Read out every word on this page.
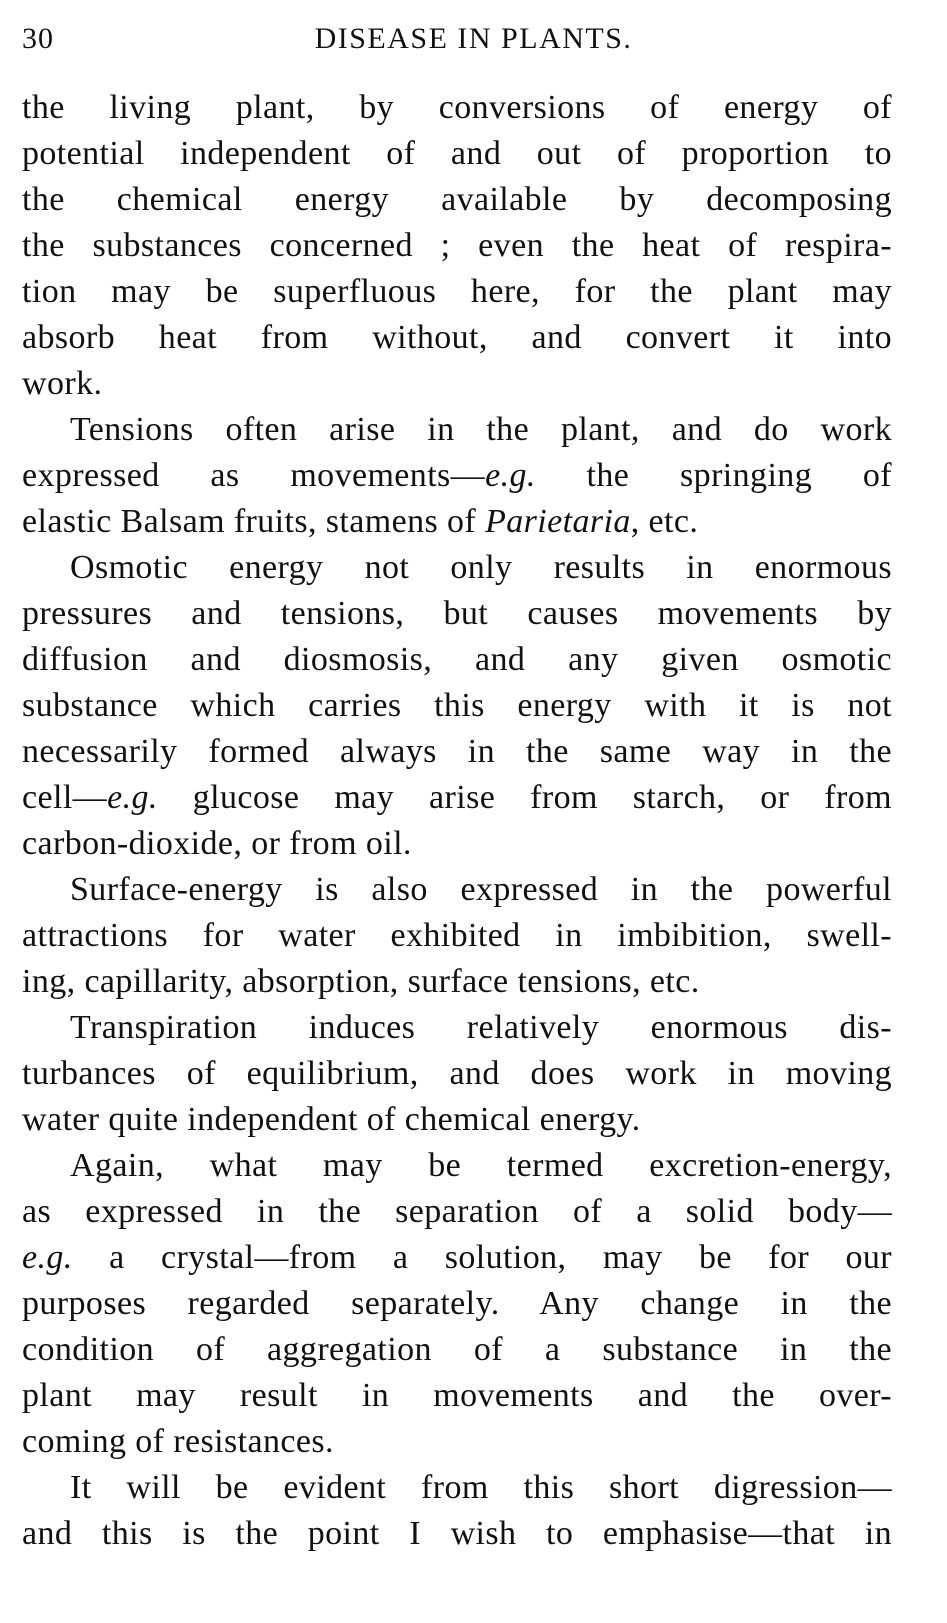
30	DISEASE IN PLANTS.
the living plant, by conversions of energy of
potential independent of and out of proportion to
the chemical energy available by decomposing
the substances concerned ; even the heat of respira-
tion may be superfluous here, for the plant may
absorb heat from without, and convert it into
work.
Tensions often arise in the plant, and do work
expressed as movements—e.g. the springing of
elastic Balsam fruits, stamens of Parietaria, etc.
Osmotic energy not only results in enormous
pressures and tensions, but causes movements by
diffusion and diosmosis, and any given osmotic
substance which carries this energy with it is not
necessarily formed always in the same way in the
cell—e.g. glucose may arise from starch, or from
carbon-dioxide, or from oil.
Surface-energy is also expressed in the powerful
attractions for water exhibited in imbibition, swell-
ing, capillarity, absorption, surface tensions, etc.
Transpiration induces relatively enormous dis-
turbances of equilibrium, and does work in moving
water quite independent of chemical energy.
Again, what may be termed excretion-energy,
as expressed in the separation of a solid body—
e.g. a crystal—from a solution, may be for our
purposes regarded separately. Any change in the
condition of aggregation of a substance in the
plant may result in movements and the over-
coming of resistances.
It will be evident from this short digression—
and this is the point I wish to emphasise—that in
